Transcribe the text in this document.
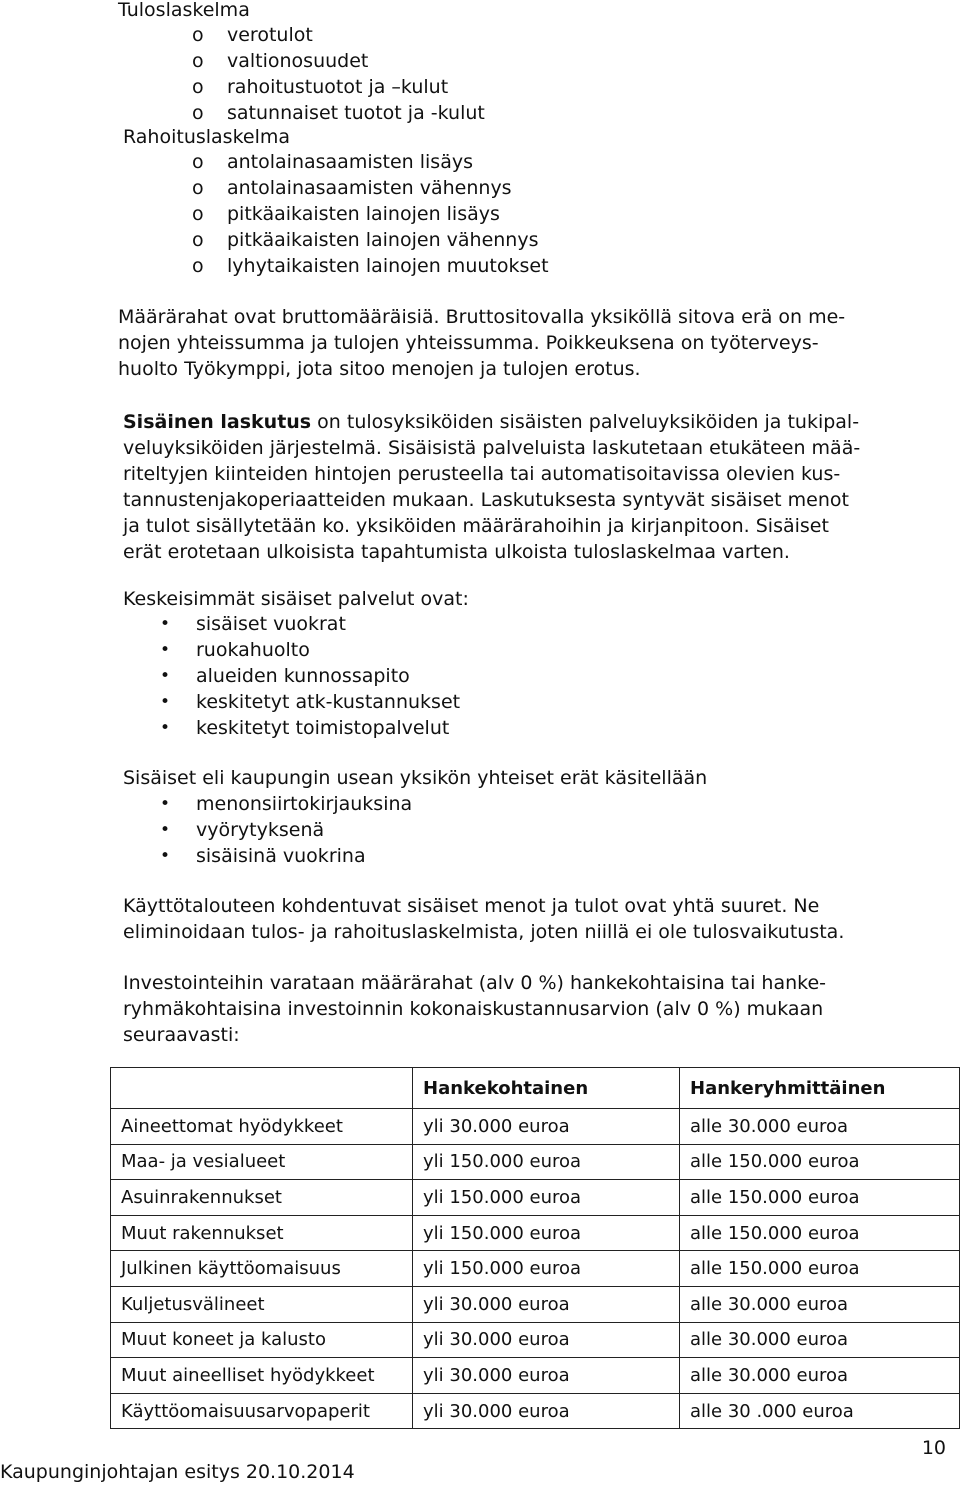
Tuloslaskelma
o verotulot
o valtionosuudet
o rahoitustuotot ja –kulut
o satunnaiset tuotot ja -kulut
Rahoituslaskelma
o antolainasaamisten lisäys
o antolainasaamisten vähennys
o pitkäaikaisten lainojen lisäys
o pitkäaikaisten lainojen vähennys
o lyhytaikaisten lainojen muutokset

Määrärahat ovat bruttomääräisiä. Bruttositovalla yksiköllä sitova erä on me-

nojen yhteissumma ja tulojen yhteissumma. Poikkeuksena on työterveys-

huolto Työkymppi, jota sitoo menojen ja tulojen erotus.

Sisäinen laskutus on tulosyksiköiden sisäisten palveluyksiköiden ja tukipal-

veluyksiköiden järjestelmä. Sisäisistä palveluista laskutetaan etukäteen mää-

riteltyjen kiinteiden hintojen perusteella tai automatisoitavissa olevien kus-

tannustenjakoperiaatteiden mukaan. Laskutuksesta syntyvät sisäiset menot

ja tulot sisällytetään ko. yksiköiden määrärahoihin ja kirjanpitoon. Sisäiset

erät erotetaan ulkoisista tapahtumista ulkoista tuloslaskelmaa varten.

Keskeisimmät sisäiset palvelut ovat:
• sisäiset vuokrat
• ruokahuolto
• alueiden kunnossapito
• keskitetyt atk-kustannukset
• keskitetyt toimistopalvelut
Sisäiset eli kaupungin usean yksikön yhteiset erät käsitellään
• menonsiirtokirjauksina
• vyörytyksenä
• sisäisinä vuokrina

Käyttötalouteen kohdentuvat sisäiset menot ja tulot ovat yhtä suuret. Ne

eliminoidaan tulos- ja rahoituslaskelmista, joten niillä ei ole tulosvaikutusta.

Investointeihin varataan määrärahat (alv 0 %) hankekohtaisina tai hanke-

ryhmäkohtaisina investoinnin kokonaiskustannusarvion (alv 0 %) mukaan

seuraavasti:

	Hankekohtainen	Hankeryhmittäinen
Aineettomat hyödykkeet	yli 30.000 euroa	alle 30.000 euroa
Maa- ja vesialueet	yli 150.000 euroa	alle 150.000 euroa
Asuinrakennukset	yli 150.000 euroa	alle 150.000 euroa
Muut rakennukset	yli 150.000 euroa	alle 150.000 euroa
Julkinen käyttöomaisuus	yli 150.000 euroa	alle 150.000 euroa
Kuljetusvälineet	yli 30.000 euroa	alle 30.000 euroa
Muut koneet ja kalusto	yli 30.000 euroa	alle 30.000 euroa
Muut aineelliset hyödykkeet	yli 30.000 euroa	alle 30.000 euroa
Käyttöomaisuusarvopaperit	yli 30.000 euroa	alle 30 .000 euroa
10
Kaupunginjohtajan esitys 20.10.2014
